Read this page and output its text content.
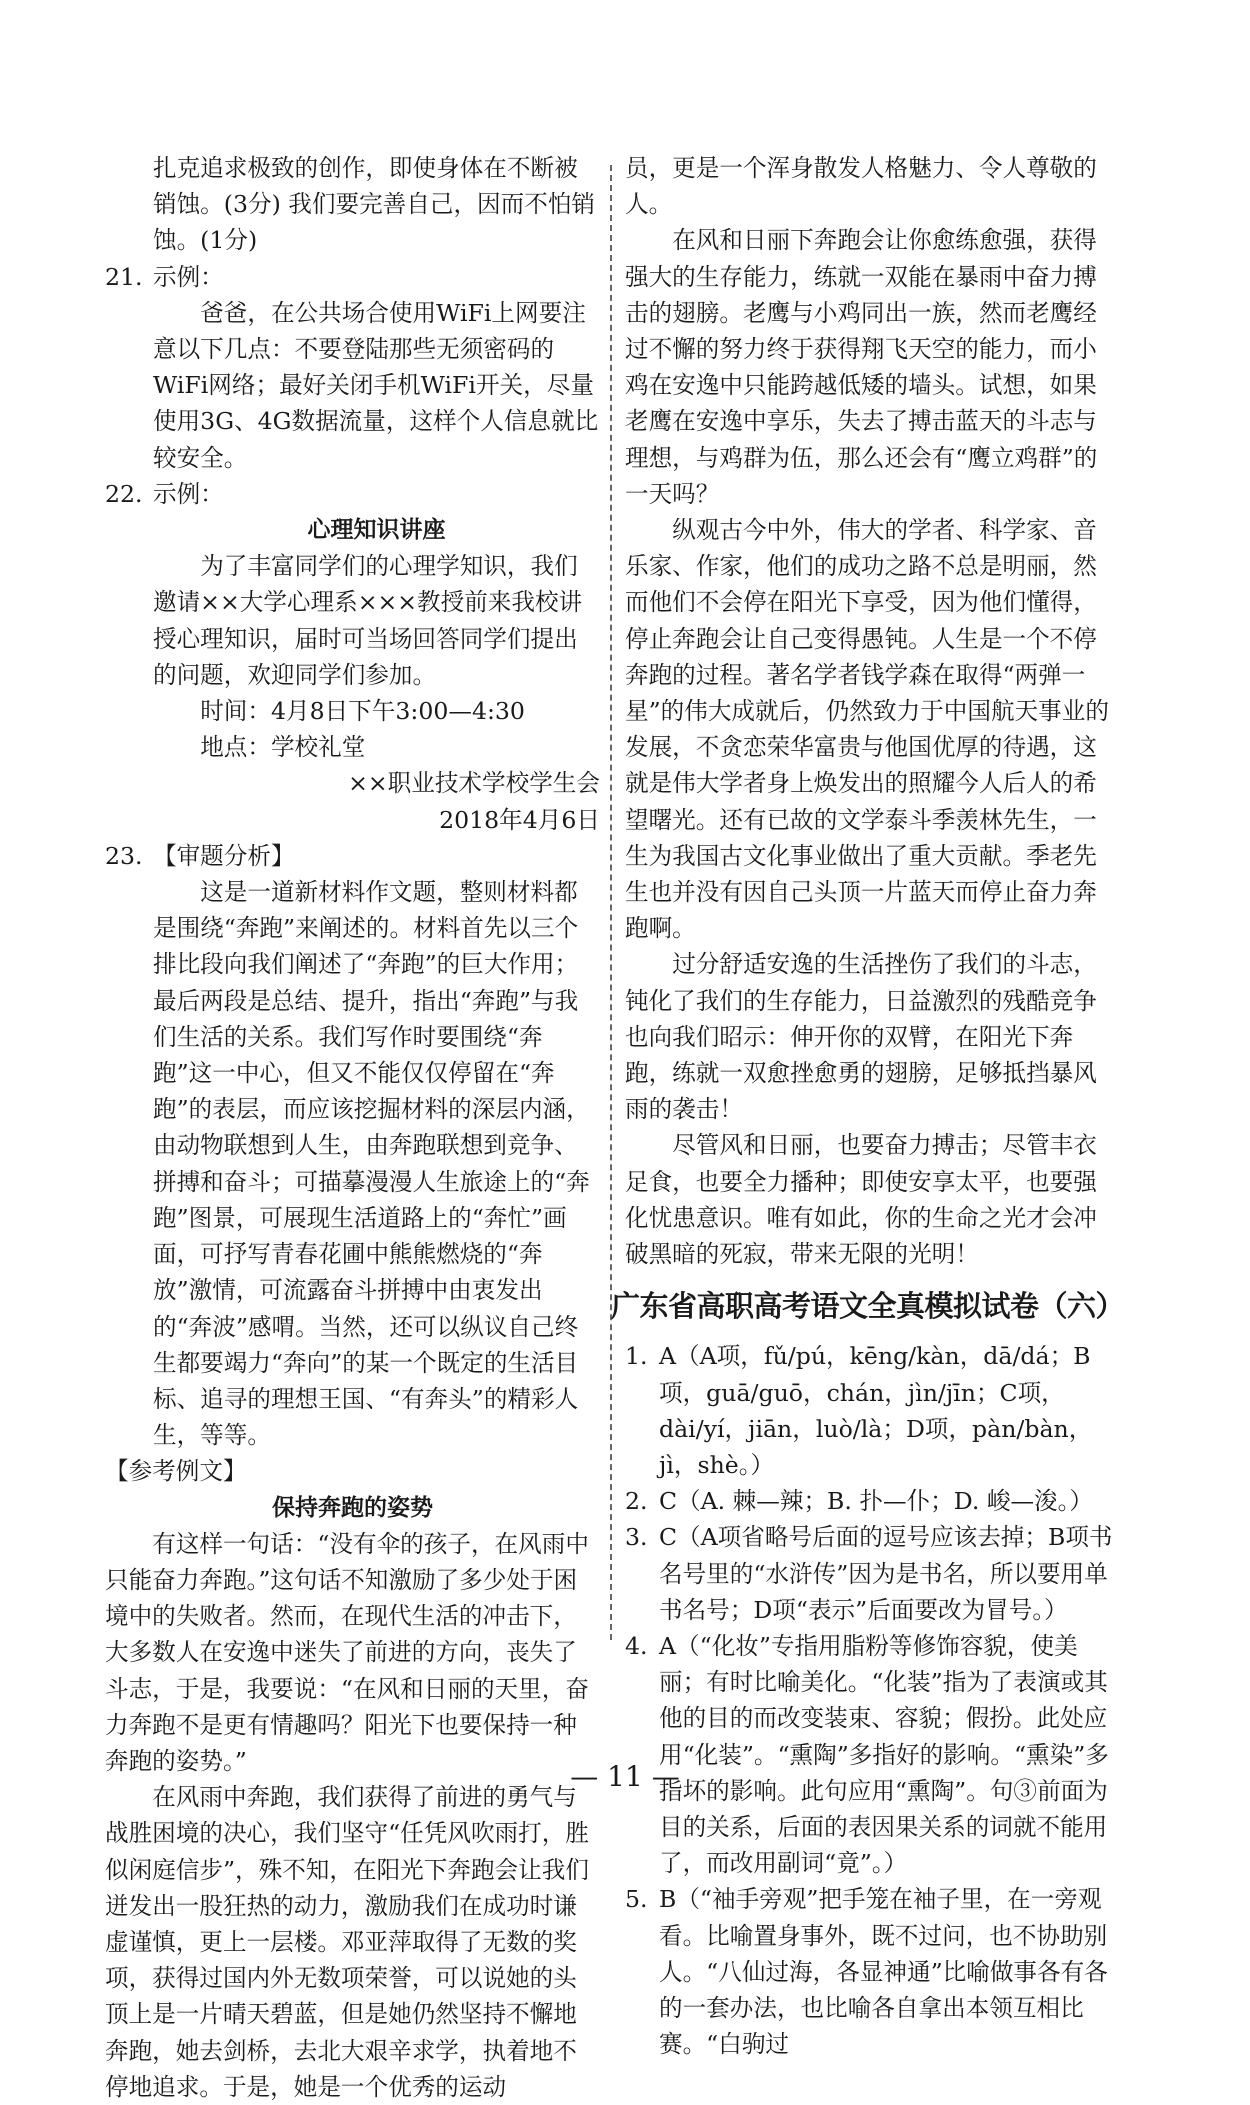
扎克追求极致的创作，即使身体在不断被销蚀。(3分) 我们要完善自己，因而不怕销蚀。(1分)

21. 示例：

爸爸，在公共场合使用WiFi上网要注意以下几点：不要登陆那些无须密码的WiFi网络；最好关闭手机WiFi开关，尽量使用3G、4G数据流量，这样个人信息就比较安全。

22. 示例：

心理知识讲座

为了丰富同学们的心理学知识，我们邀请××大学心理系×××教授前来我校讲授心理知识，届时可当场回答同学们提出的问题，欢迎同学们参加。

时间：4月8日下午3:00—4:30

地点：学校礼堂

××职业技术学校学生会

2018年4月6日

23. 【审题分析】

这是一道新材料作文题，整则材料都是围绕“奔跑”来阐述的。材料首先以三个排比段向我们阐述了“奔跑”的巨大作用；最后两段是总结、提升，指出“奔跑”与我们生活的关系。我们写作时要围绕“奔跑”这一中心，但又不能仅仅停留在“奔跑”的表层，而应该挖掘材料的深层内涵，由动物联想到人生，由奔跑联想到竞争、拼搏和奋斗；可描摹漫漫人生旅途上的“奔跑”图景，可展现生活道路上的“奔忙”画面，可抒写青春花圃中熊熊燃烧的“奔放”激情，可流露奋斗拼搏中由衷发出的“奔波”感喟。当然，还可以纵议自己终生都要竭力“奔向”的某一个既定的生活目标、追寻的理想王国、“有奔头”的精彩人生，等等。

【参考例文】

保持奔跑的姿势

有这样一句话：“没有伞的孩子，在风雨中只能奋力奔跑。”这句话不知激励了多少处于困境中的失败者。然而，在现代生活的冲击下，大多数人在安逸中迷失了前进的方向，丧失了斗志，于是，我要说：“在风和日丽的天里，奋力奔跑不是更有情趣吗？阳光下也要保持一种奔跑的姿势。”

在风雨中奔跑，我们获得了前进的勇气与战胜困境的决心，我们坚守“任凭风吹雨打，胜似闲庭信步”，殊不知，在阳光下奔跑会让我们迸发出一股狂热的动力，激励我们在成功时谦虚谨慎，更上一层楼。邓亚萍取得了无数的奖项，获得过国内外无数项荣誉，可以说她的头顶上是一片晴天碧蓝，但是她仍然坚持不懈地奔跑，她去剑桥，去北大艰辛求学，执着地不停地追求。于是，她是一个优秀的运动

员，更是一个浑身散发人格魅力、令人尊敬的人。

在风和日丽下奔跑会让你愈练愈强，获得强大的生存能力，练就一双能在暴雨中奋力搏击的翅膀。老鹰与小鸡同出一族，然而老鹰经过不懈的努力终于获得翔飞天空的能力，而小鸡在安逸中只能跨越低矮的墙头。试想，如果老鹰在安逸中享乐，失去了搏击蓝天的斗志与理想，与鸡群为伍，那么还会有“鹰立鸡群”的一天吗？

纵观古今中外，伟大的学者、科学家、音乐家、作家，他们的成功之路不总是明丽，然而他们不会停在阳光下享受，因为他们懂得，停止奔跑会让自己变得愚钝。人生是一个不停奔跑的过程。著名学者钱学森在取得“两弹一星”的伟大成就后，仍然致力于中国航天事业的发展，不贪恋荣华富贵与他国优厚的待遇，这就是伟大学者身上焕发出的照耀今人后人的希望曙光。还有已故的文学泰斗季羡林先生，一生为我国古文化事业做出了重大贡献。季老先生也并没有因自己头顶一片蓝天而停止奋力奔跑啊。

过分舒适安逸的生活挫伤了我们的斗志，钝化了我们的生存能力，日益激烈的残酷竞争也向我们昭示：伸开你的双臂，在阳光下奔跑，练就一双愈挫愈勇的翅膀，足够抵挡暴风雨的袭击！

尽管风和日丽，也要奋力搏击；尽管丰衣足食，也要全力播种；即使安享太平，也要强化忧患意识。唯有如此，你的生命之光才会冲破黑暗的死寂，带来无限的光明！

广东省高职高考语文全真模拟试卷（六）
1. A（A项，fǔ/pú，kēng/kàn，dā/dá；B项，guā/guō，chán，jìn/jīn；C项，dài/yí，jiān，luò/là；D项，pàn/bàn，jì，shè。）
2. C（A. 棘—辣；B. 扑—仆；D. 峻—浚。）
3. C（A项省略号后面的逗号应该去掉；B项书名号里的“水浒传”因为是书名，所以要用单书名号；D项“表示”后面要改为冒号。）
4. A（“化妆”专指用脂粉等修饰容貌，使美丽；有时比喻美化。“化装”指为了表演或其他的目的而改变装束、容貌；假扮。此处应用“化装”。“熏陶”多指好的影响。“熏染”多指坏的影响。此句应用“熏陶”。句③前面为目的关系，后面的表因果关系的词就不能用了，而改用副词“竟”。）
5. B（“袖手旁观”把手笼在袖子里，在一旁观看。比喻置身事外，既不过问，也不协助别人。“八仙过海，各显神通”比喻做事各有各的一套办法，也比喻各自拿出本领互相比赛。“白驹过
— 11 —
